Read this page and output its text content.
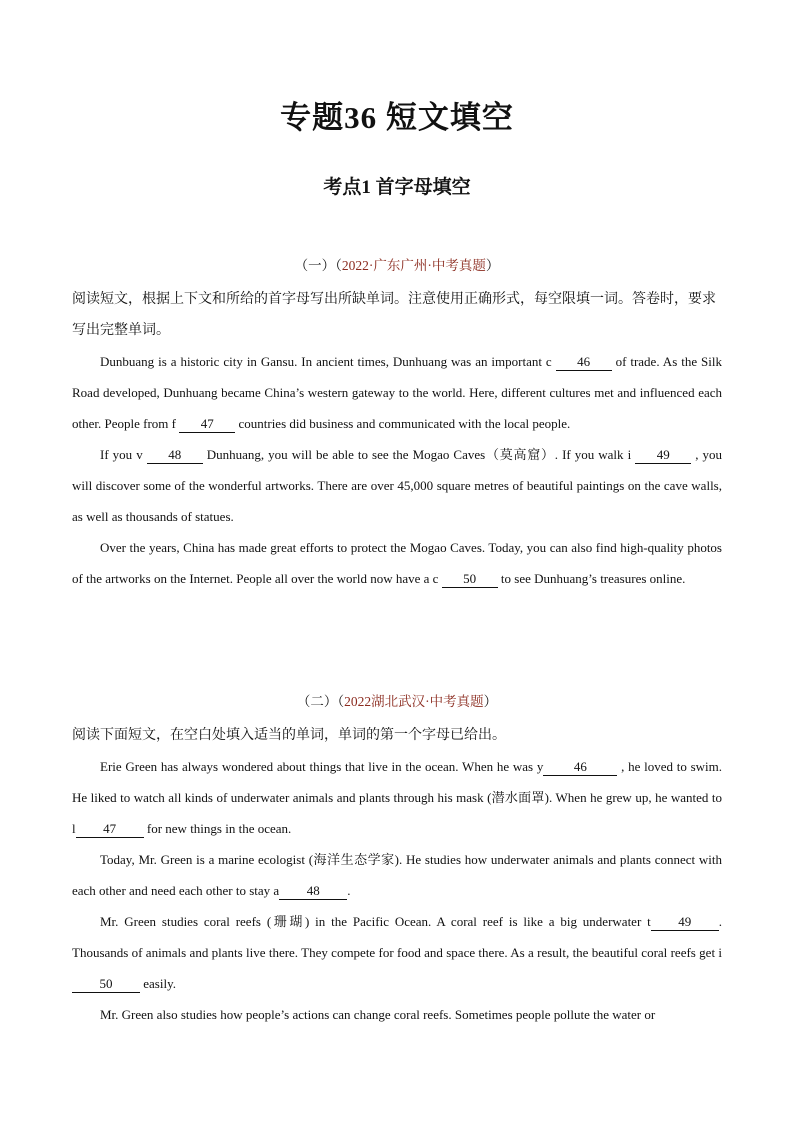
专题36 短文填空
考点1 首字母填空
（一）（2022·广东广州·中考真题）
阅读短文，根据上下文和所给的首字母写出所缺单词。注意使用正确形式，每空限填一词。答卷时，要求写出完整单词。
Dunbuang is a historic city in Gansu. In ancient times, Dunhuang was an important c 46 of trade. As the Silk Road developed, Dunhuang became China’s western gateway to the world. Here, different cultures met and influenced each other. People from f 47 countries did business and communicated with the local people.
If you v 48 Dunhuang, you will be able to see the Mogao Caves（莫高窟）. If you walk i 49 , you will discover some of the wonderful artworks. There are over 45,000 square metres of beautiful paintings on the cave walls, as well as thousands of statues.
Over the years, China has made great efforts to protect the Mogao Caves. Today, you can also find high-quality photos of the artworks on the Internet. People all over the world now have a c 50 to see Dunhuang’s treasures online.
（二）（2022湖北武汉·中考真题）
阅读下面短文，在空白处填入适当的单词，单词的第一个字母已给出。
Erie Green has always wondered about things that live in the ocean. When he was y 46 , he loved to swim. He liked to watch all kinds of underwater animals and plants through his mask (潜水面罩). When he grew up, he wanted to l 47 for new things in the ocean.
Today, Mr. Green is a marine ecologist (海洋生态学家). He studies how underwater animals and plants connect with each other and need each other to stay a 48 .
Mr. Green studies coral reefs (珊瑚) in the Pacific Ocean. A coral reef is like a big underwater t 49 . Thousands of animals and plants live there. They compete for food and space there. As a result, the beautiful coral reefs get i50 easily.
Mr. Green also studies how people’s actions can change coral reefs. Sometimes people pollute the water or
